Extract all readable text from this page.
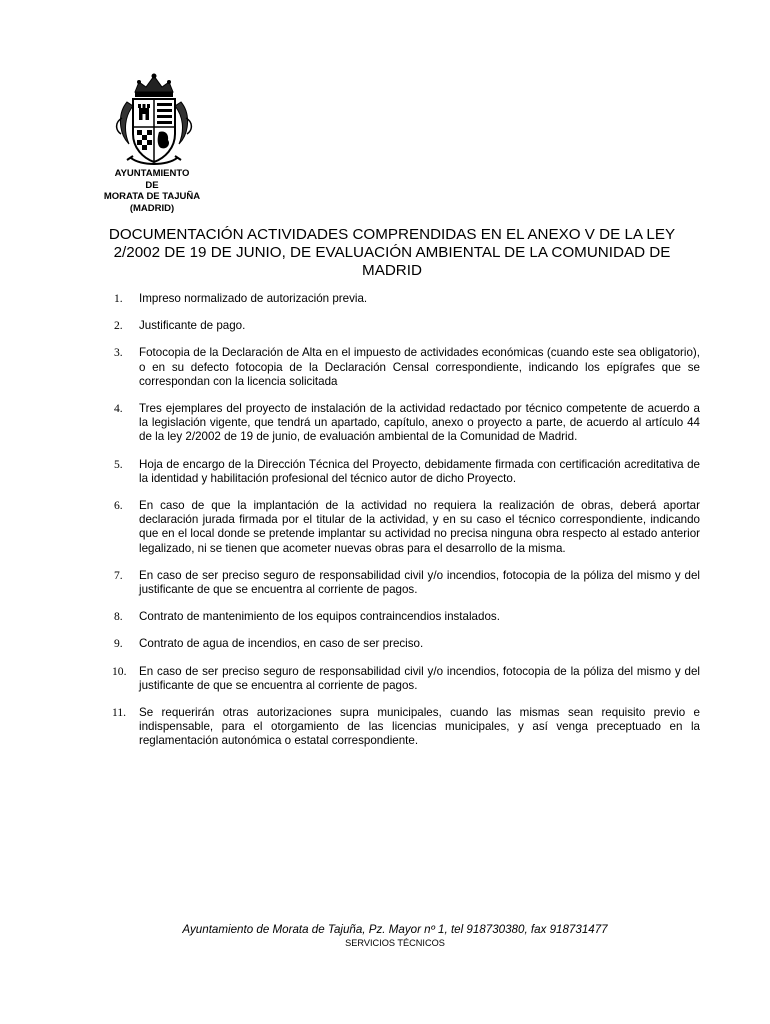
AYUNTAMIENTO
DE
MORATA DE TAJUÑA
(MADRID)
DOCUMENTACIÓN ACTIVIDADES COMPRENDIDAS EN EL ANEXO V DE LA LEY 2/2002 DE 19 DE JUNIO, DE EVALUACIÓN AMBIENTAL DE LA COMUNIDAD DE MADRID
1. Impreso normalizado de autorización previa.
2. Justificante de pago.
3. Fotocopia de la Declaración de Alta en el impuesto de actividades económicas (cuando este sea obligatorio), o en su defecto fotocopia de la Declaración Censal correspondiente, indicando los epígrafes que se correspondan con la licencia solicitada
4. Tres ejemplares del proyecto de instalación de la actividad redactado por técnico competente de acuerdo a la legislación vigente, que tendrá un apartado, capítulo, anexo o proyecto a parte, de acuerdo al artículo 44 de la ley 2/2002 de 19 de junio, de evaluación ambiental de la Comunidad de Madrid.
5. Hoja de encargo de la Dirección Técnica del Proyecto, debidamente firmada con certificación acreditativa de la identidad y habilitación profesional del técnico autor de dicho Proyecto.
6. En caso de que la implantación de la actividad no requiera la realización de obras, deberá aportar declaración jurada firmada por el titular de la actividad, y en su caso el técnico correspondiente, indicando que en el local donde se pretende implantar su actividad no precisa ninguna obra respecto al estado anterior legalizado, ni se tienen que acometer nuevas obras para el desarrollo de la misma.
7. En caso de ser preciso seguro de responsabilidad civil y/o incendios, fotocopia de la póliza del mismo y del justificante de que se encuentra al corriente de pagos.
8. Contrato de mantenimiento de los equipos contraincendios instalados.
9. Contrato de agua de incendios, en caso de ser preciso.
10. En caso de ser preciso seguro de responsabilidad civil y/o incendios, fotocopia de la póliza del mismo y del justificante de que se encuentra al corriente de pagos.
11. Se requerirán otras autorizaciones supra municipales, cuando las mismas sean requisito previo e indispensable, para el otorgamiento de las licencias municipales, y así venga preceptuado en la reglamentación autonómica o estatal correspondiente.
Ayuntamiento de Morata de Tajuña, Pz. Mayor nº 1, tel 918730380, fax 918731477
SERVICIOS TÉCNICOS
